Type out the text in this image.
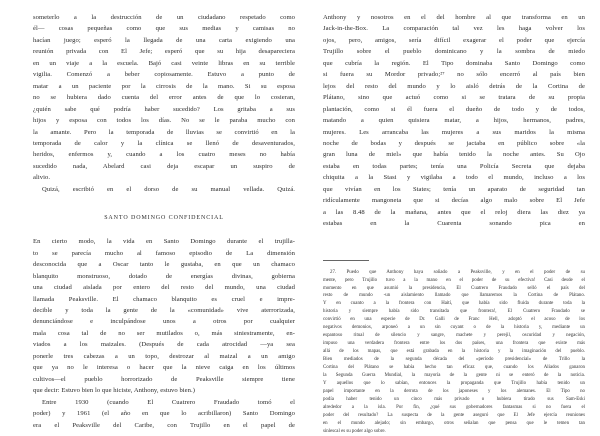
someterlo a la destrucción de un ciudadano respetado como
él— cosas pequeñas como que sus medias y camisas no
hacían juego; esperó la llegada de una carta exigiendo una
reunión privada con El Jefe; esperó que su hija desapareciera
en un viaje a la escuela. Bajó casi veinte libras en su terrible
vigilia. Comenzó a beber copiosamente. Estuvo a punto de
matar a un paciente por la cirrosis de la mano. Si su esposa
no se hubiera dado cuenta del error antes de que lo cosieran,
¿quién sabe qué podría haber sucedido? Los gritaba a sus
hijos y esposa con todos los días. No se le paraba mucho con
la amante. Pero la temporada de lluvias se convirtió en la
temporada de calor y la clínica se llenó de desaventurados,
heridos, enfermos y, cuando a los cuatro meses no había
sucedido nada, Abelard casi deja escapar un suspiro de
alivio.
Quizá, escribió en el dorso de su manual vellada. Quizá.
SANTO DOMINGO CONFIDENCIAL
En cierto modo, la vida en Santo Domingo durante el trujilla-
to se parecía mucho al famoso episodio de La dimensión
desconocida que a Oscar tanto le gustaba, en que un chamaco
blanquito monstruoso, dotado de energías divinas, gobierna
una ciudad aislada por entero del resto del mundo, una ciudad
llamada Peaksville. El chamaco blanquito es cruel e impre-
decible y toda la gente de la «comunidad» vive aterrorizada,
denunciándose e inculpándose unos a otros por cualquier
mala cosa tal de no ser mutilados o, más siniestramente, en-
viados a los maizales. (Después de cada atrocidad —ya sea
ponerle tres cabezas a un topo, destrozar al maizal a un amigo
que ya no le interesa o hacer que la nieve caiga en los últimos
cultivos—el pueblo horrorizado de Peaksville siempre tiene
que decir: Estuvo bien lo que hiciste, Anthony, estuvo bien.)
Entre 1930 (cuando El Cuatrero Fraudado tomó el
poder) y 1961 (el año en que lo acribillaron) Santo Domingo
era el Peaksville del Caribe, con Trujillo en el papel de
Anthony y nosotros en el del hombre al que transforma en un
Jack-in-the-Box. La comparación tal vez les haga volver los
ojos, pero, amigos, sería difícil exagerar el poder que ejercía
Trujillo sobre el pueblo dominicano y la sombra de miedo
que cubría la región. El Tipo dominaba Santo Domingo como
si fuera su Mordor privado;²⁷ no sólo encerró al país bien
lejos del resto del mundo y lo aisló detrás de la Cortina de
Plátano, sino que actuó como si se tratara de su propia
plantación, como si él fuera el dueño de todo y de todos,
matando a quien quisiera matar, a hijos, hermanos, padres,
mujeres. Les arrancaba las mujeres a sus maridos la misma
noche de bodas y después se jactaba en público sobre «la
gran luna de miel» que había tenido la noche antes. Su Ojo
estaba en todas partes; tenía una Policía Secreta que dejaba
chiquita a la Stasi y vigilaba a todo el mundo, incluso a los
que vivían en los States; tenía un aparato de seguridad tan
ridículamente mangoneta que si decías algo malo sobre El Jefe
a las 8.48 de la mañana, antes que el reloj diera las diez ya
estabas en la Cuarenta sonando pica en
27. Puedo que Anthony haya soñado a Peaksville, y en el poder de su
mente, pero Trujillo tuvo a la mano en el poder de su efectiva! Casi desde el
momento en que asumió la presidencia, El Cuatrero Fraudado selló el país del
resto de mundo -un aislamiento llamado que llamaremos la Cortina de Plátano.
Y en cuanto a la frontera con Haití, que había sido fluida durante toda la
historia y siempre había sido transitada que frontera!, El Cuatrero Fraudado se
convirtió en una especie de Dr. Galli de Franc Hell, adoptó el acoso de los
negativos demonios, arponeó a un sin cuyant o de la historia y, mediante un
espantoso ritual de silencio y sangre, machete y perejil, oscuridad y negación,
impuso una verdadera frontera entre los dos países, una frontera que existe más
allá de los mapas, que está grabada en la historia y la imaginación del pueblo.
Bien mediados de la segunda década del «periodo presidencial» de Trillo la
Cortina del Plátano se había hecho tan eficaz que, cuando los Aliados ganaron
la Segunda Guerra Mundial, la mayoría de la gente ni se enteró de la noticia.
Y aquellos que lo sabían, entonces la propaganda que Trujillo había tenido un
papel importante en la derrota de los japoneses y los alemanes. El Tipo no
podía haber tenido un cinco más privado o hubiera tirado sus Sam-Eski
alrededor a la isla. Por fin, ¿qué sus gobernadores fantasmas si no fuera el
poder del resultado? La suspecta de la gente aseguró que El Jefe ejercía reuniones
en el mundo alejado; sin embargo, otros señalan que pensa que le temen tan
sinlescal es su poder algo sobre.
